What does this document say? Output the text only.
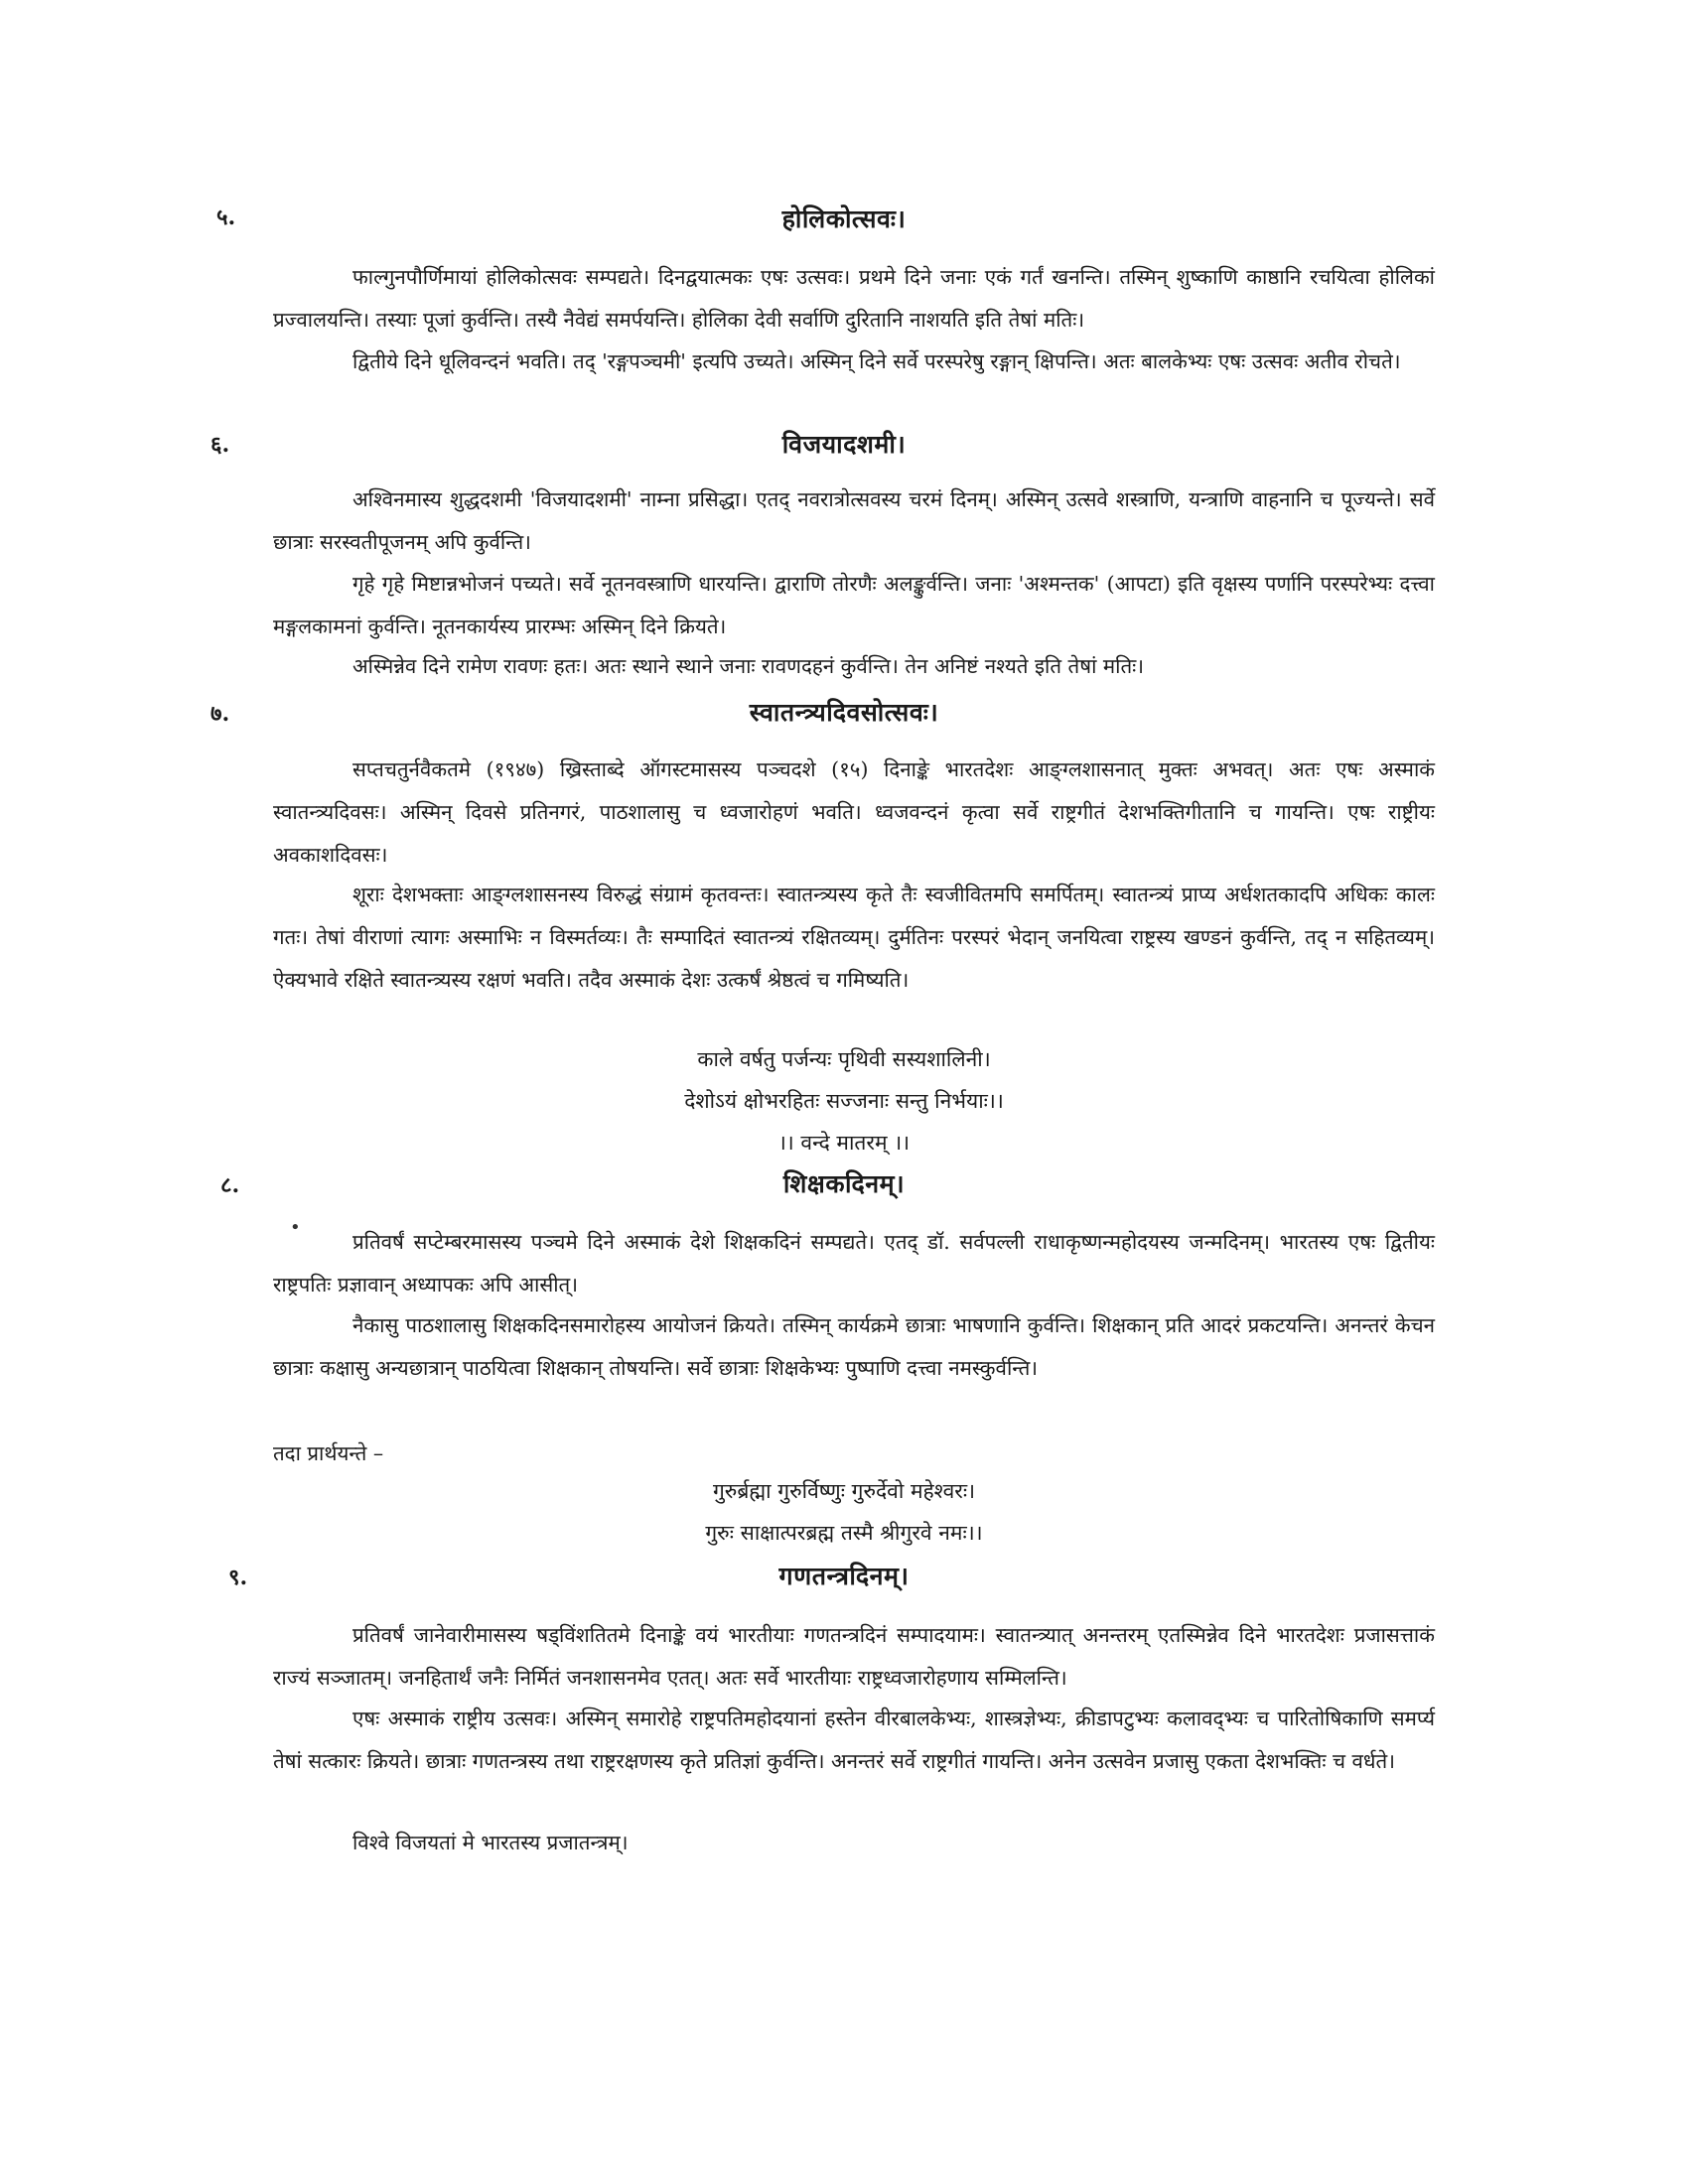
५.	होलिकोत्सवः।

फाल्गुनपौर्णिमायां होलिकोत्सवः सम्पद्यते। दिनद्वयात्मकः एषः उत्सवः। प्रथमे दिने जनाः एकं गर्तं खनन्ति। तस्मिन् शुष्काणि काष्ठानि रचयित्वा होलिकां प्रज्वालयन्ति। तस्याः पूजां कुर्वन्ति। तस्यै नैवेद्यं समर्पयन्ति। होलिका देवी सर्वाणि दुरितानि नाशयति इति तेषां मतिः।

द्वितीये दिने धूलिवन्दनं भवति। तद् 'रङ्गपञ्चमी' इत्यपि उच्यते। अस्मिन् दिने सर्वे परस्परेषु रङ्गान् क्षिपन्ति। अतः बालकेभ्यः एषः उत्सवः अतीव रोचते।

६.	विजयादशमी।

अश्विनमास्य शुद्धदशमी 'विजयादशमी' नाम्ना प्रसिद्धा। एतद् नवरात्रोत्सवस्य चरमं दिनम्। अस्मिन् उत्सवे शस्त्राणि, यन्त्राणि वाहनानि च पूज्यन्ते। सर्वे छात्राः सरस्वतीपूजनम् अपि कुर्वन्ति।

गृहे गृहे मिष्टान्नभोजनं पच्यते। सर्वे नूतनवस्त्राणि धारयन्ति। द्वाराणि तोरणैः अलङ्कुर्वन्ति। जनाः 'अश्मन्तक' (आपटा) इति वृक्षस्य पर्णानि परस्परेभ्यः दत्त्वा मङ्गलकामनां कुर्वन्ति। नूतनकार्यस्य प्रारम्भः अस्मिन् दिने क्रियते।

अस्मिन्नेव दिने रामेण रावणः हतः। अतः स्थाने स्थाने जनाः रावणदहनं कुर्वन्ति। तेन अनिष्टं नश्यते इति तेषां मतिः।

७.	स्वातन्त्र्यदिवसोत्सवः।

सप्तचतुर्नवैकतमे (१९४७) ख्रिस्ताब्दे ऑगस्टमासस्य पञ्चदशे (१५) दिनाङ्के भारतदेशः आङ्ग्लशासनात् मुक्तः अभवत्। अतः एषः अस्माकं स्वातन्त्र्यदिवसः। अस्मिन् दिवसे प्रतिनगरं, पाठशालासु च ध्वजारोहणं भवति। ध्वजवन्दनं कृत्वा सर्वे राष्ट्रगीतं देशभक्तिगीतानि च गायन्ति। एषः राष्ट्रीयः अवकाशदिवसः।

शूराः देशभक्ताः आङ्ग्लशासनस्य विरुद्धं संग्रामं कृतवन्तः। स्वातन्त्र्यस्य कृते तैः स्वजीवितमपि समर्पितम्। स्वातन्त्र्यं प्राप्य अर्धशतकादपि अधिकः कालः गतः। तेषां वीराणां त्यागः अस्माभिः न विस्मर्तव्यः। तैः सम्पादितं स्वातन्त्र्यं रक्षितव्यम्। दुर्मतिनः परस्परं भेदान् जनयित्वा राष्ट्रस्य खण्डनं कुर्वन्ति, तद् न सहितव्यम्। ऐक्यभावे रक्षिते स्वातन्त्र्यस्य रक्षणं भवति। तदैव अस्माकं देशः उत्कर्षं श्रेष्ठत्वं च गमिष्यति।

काले वर्षतु पर्जन्यः पृथिवी सस्यशालिनी।
देशोऽयं क्षोभरहितः सज्जनाः सन्तु निर्भयाः।।
।। वन्दे मातरम् ।।
८.	शिक्षकदिनम्।
•

प्रतिवर्षं सप्टेम्बरमासस्य पञ्चमे दिने अस्माकं देशे शिक्षकदिनं सम्पद्यते। एतद् डॉ. सर्वपल्ली राधाकृष्णन्महोदयस्य जन्मदिनम्। भारतस्य एषः द्वितीयः राष्ट्रपतिः प्रज्ञावान् अध्यापकः अपि आसीत्।

नैकासु पाठशालासु शिक्षकदिनसमारोहस्य आयोजनं क्रियते। तस्मिन् कार्यक्रमे छात्राः भाषणानि कुर्वन्ति। शिक्षकान् प्रति आदरं प्रकटयन्ति। अनन्तरं केचन छात्राः कक्षासु अन्यछात्रान् पाठयित्वा शिक्षकान् तोषयन्ति। सर्वे छात्राः शिक्षकेभ्यः पुष्पाणि दत्त्वा नमस्कुर्वन्ति।

तदा प्रार्थयन्ते –

गुरुर्ब्रह्मा गुरुर्विष्णुः गुरुर्देवो महेश्वरः।
गुरुः साक्षात्परब्रह्म तस्मै श्रीगुरवे नमः।।
९.	गणतन्त्रदिनम्।

प्रतिवर्षं जानेवारीमासस्य षड्विंशतितमे दिनाङ्के वयं भारतीयाः गणतन्त्रदिनं सम्पादयामः। स्वातन्त्र्यात् अनन्तरम् एतस्मिन्नेव दिने भारतदेशः प्रजासत्ताकं राज्यं सञ्जातम्। जनहितार्थं जनैः निर्मितं जनशासनमेव एतत्। अतः सर्वे भारतीयाः राष्ट्रध्वजारोहणाय सम्मिलन्ति।

एषः अस्माकं राष्ट्रीय उत्सवः। अस्मिन् समारोहे राष्ट्रपतिमहोदयानां हस्तेन वीरबालकेभ्यः, शास्त्रज्ञेभ्यः, क्रीडापटुभ्यः कलावद्भ्यः च पारितोषिकाणि समर्प्य तेषां सत्कारः क्रियते। छात्राः गणतन्त्रस्य तथा राष्ट्ररक्षणस्य कृते प्रतिज्ञां कुर्वन्ति। अनन्तरं सर्वे राष्ट्रगीतं गायन्ति। अनेन उत्सवेन प्रजासु एकता देशभक्तिः च वर्धते।

विश्वे विजयतां मे भारतस्य प्रजातन्त्रम्।
